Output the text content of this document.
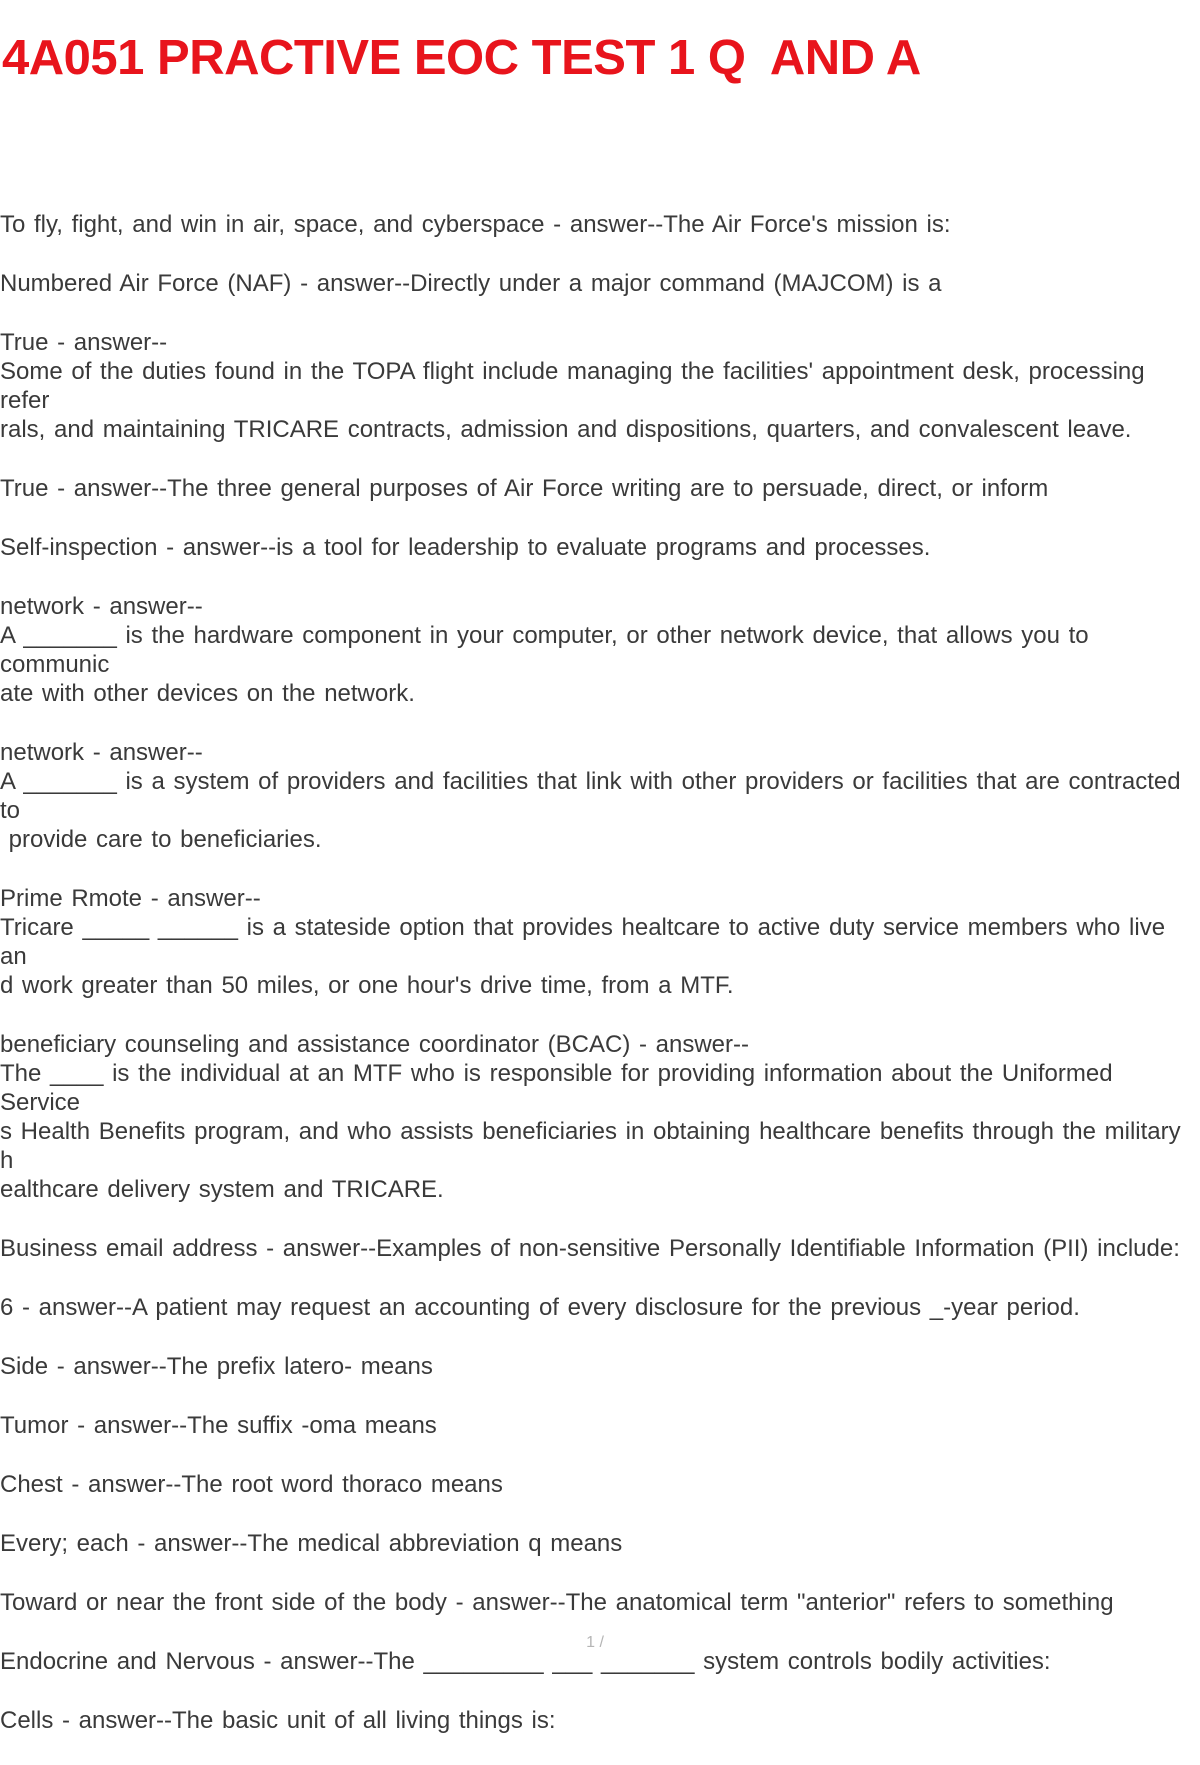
4A051 PRACTIVE EOC TEST 1 Q  AND A

To fly, fight, and win in air, space, and cyberspace - answer--The Air Force's mission is:

Numbered Air Force (NAF) - answer--Directly under a major command (MAJCOM) is a

True - answer--
Some of the duties found in the TOPA flight include managing the facilities' appointment desk, processing refer
rals, and maintaining TRICARE contracts, admission and dispositions, quarters, and convalescent leave.

True - answer--The three general purposes of Air Force writing are to persuade, direct, or inform

Self-inspection - answer--is a tool for leadership to evaluate programs and processes.

network - answer--
A _______ is the hardware component in your computer, or other network device, that allows you to communic
ate with other devices on the network.

network - answer--
A _______ is a system of providers and facilities that link with other providers or facilities that are contracted to
provide care to beneficiaries.

Prime Rmote - answer--
Tricare _____ ______ is a stateside option that provides healtcare to active duty service members who live an
d work greater than 50 miles, or one hour's drive time, from a MTF.

beneficiary counseling and assistance coordinator (BCAC) - answer--
The ____ is the individual at an MTF who is responsible for providing information about the Uniformed Service
s Health Benefits program, and who assists beneficiaries in obtaining healthcare benefits through the military h
ealthcare delivery system and TRICARE.

Business email address - answer--Examples of non-sensitive Personally Identifiable Information (PII) include:

6 - answer--A patient may request an accounting of every disclosure for the previous _-year period.

Side - answer--The prefix latero- means

Tumor - answer--The suffix -oma means

Chest - answer--The root word thoraco means

Every; each - answer--The medical abbreviation q means

Toward or near the front side of the body - answer--The anatomical term "anterior" refers to something

Endocrine and Nervous - answer--The _________ ___ _______ system controls bodily activities:

Cells - answer--The basic unit of all living things is:

1 /
